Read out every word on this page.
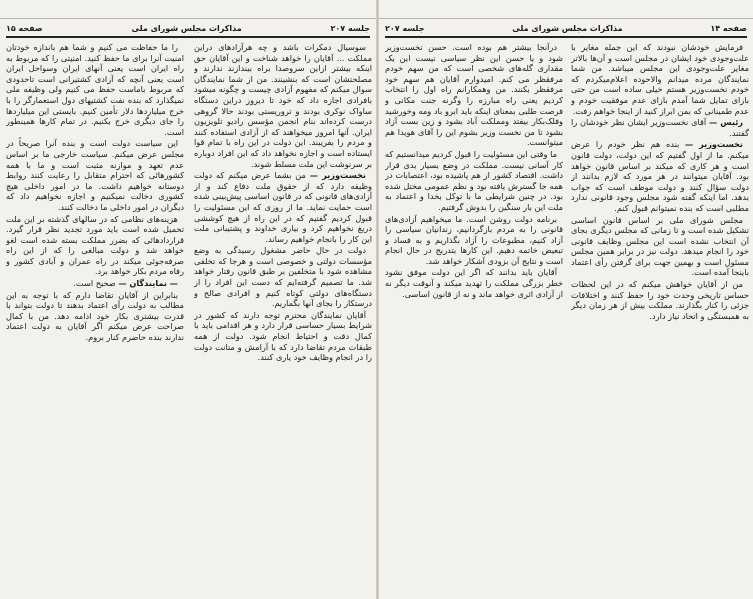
جلسه ۲۰۷
مذاکرات مجلس شورای ملی
صفحه ۱۵

سوسیال دمکرات باشد و چه هرآزادهای دراین مملکت ... آقایان را خواهد شناخت و این آقایان حق اینکه بیشتر ازاین سروصدا براه بیندازند ندارند و مصلحتشان است که بنشینند. من از شما نمایندگان سوال میکنم که مفهوم آزادی چیست و چگونه میشود بافرادی اجازه داد که خود تا دیروز دراین دستگاه ساواک نوکری بودند و تروریستی بودند حالا گروهی درست کرده‌اند بنام انجمن مؤسس رادیو تلویزیون ایران. آنها امروز میخواهند که از آزادی استفاده کنند و مردم را بفریبند. این دولت در این راه با تمام قوا ایستاده است و اجازه نخواهد داد که این افراد دوباره بر سرنوشت این ملت مسلط شوند.

نخست‌وزیر — من بشما عرض میکنم که دولت وظیفه دارد که از حقوق ملت دفاع کند و از آزادی‌های قانونی که در قانون اساسی پیش‌بینی شده است حمایت نماید. ما از روزی که این مسئولیت را قبول کردیم گفتیم که در این راه از هیچ کوششی دریغ نخواهیم کرد و بیاری خداوند و پشتیبانی ملت این کار را بانجام خواهیم رساند.

دولت در حال حاضر مشغول رسیدگی به وضع مؤسسات دولتی و خصوصی است و هرجا که تخلفی مشاهده شود با متخلفین بر طبق قانون رفتار خواهد شد. ما تصمیم گرفته‌ایم که دست این افراد را از دستگاه‌های دولتی کوتاه کنیم و افرادی صالح و درستکار را بجای آنها بگماریم.

آقایان نمایندگان محترم توجه دارند که کشور در شرایط بسیار حساسی قرار دارد و هر اقدامی باید با کمال دقت و احتیاط انجام شود. دولت از همه طبقات مردم تقاضا دارد که با آرامش و متانت دولت را در انجام وظایف خود یاری کنند.

را ما حفاظت می کنیم و شما هم باندازه خودتان امنیت آنرا برای ما حفظ کنید. امنیتی را که مربوط به راه ایران است یعنی آنهای ایران وسواحل ایران است یعنی آنچه که آزادی کشتیرانی است تاحدودی که مربوط باماست حفظ می کنیم ولی وظیفه ملی نمیگذارد که بنده نفت کشتیهای دول استعمارگر را با خرج میلیاردها دلار تأمین کنیم. بایستی این میلیاردها را جای دیگری خرج بکنیم. در تمام کارها همینطور است.

این سیاست دولت است و بنده آنرا صریحاً در مجلس عرض میکنم. سیاست خارجی ما بر اساس عدم تعهد و موازنه مثبت است و ما با همه کشورهائی که احترام متقابل را رعایت کنند روابط دوستانه خواهیم داشت. ما در امور داخلی هیچ کشوری دخالت نمیکنیم و اجازه نخواهیم داد که دیگران در امور داخلی ما دخالت کنند.

هزینه‌های نظامی که در سالهای گذشته بر این ملت تحمیل شده است باید مورد تجدید نظر قرار گیرد. قراردادهائی که بضرر مملکت بسته شده است لغو خواهد شد و دولت مبالغی را که از این راه صرفه‌جوئی میکند در راه عمران و آبادی کشور و رفاه مردم بکار خواهد برد.

— نمایندگان — صحیح است.

بنابراین از آقایان تقاضا دارم که با توجه به این مطالب به دولت رأی اعتماد بدهند تا دولت بتواند با قدرت بیشتری بکار خود ادامه دهد. من با کمال صراحت عرض میکنم اگر آقایان به دولت اعتماد ندارند بنده حاضرم کنار بروم.

صفحه ۱۴
مذاکرات مجلس شورای ملی
جلسه ۲۰۷

فرمایش خودشان نبودند که این جمله مغایر با علت‌وجودی خود ایشان در مجلس است و آن‌ها بالاتر مغایر علت‌وجودی این مجلس میباشد. من شما نمایندگان مرده میدانم والاحوده اعلام‌میکردم که خودم نخست‌وزیر هستم خیلی ساده است من حتی بازای تمایل شما آمدم بازای عدم موفقیت خودم و عدم طمینانی که بمن ابراز کنید از اینجا خواهم رفت.

رئیس — آقای نخست‌وزیر ایشان نظر خودشان را گفتند.

نخست‌وزیر — بنده هم نظر خودم را عرض میکنم. ما از اول گفتیم که این دولت، دولت قانون است و هر کاری که میکند بر اساس قانون خواهد بود. آقایان میتوانند در هر مورد که لازم بدانند از دولت سؤال کنند و دولت موظف است که جواب بدهد. اما اینکه گفته شود مجلس وجود قانونی ندارد مطلبی است که بنده نمیتوانم قبول کنم.

مجلس شورای ملی بر اساس قانون اساسی تشکیل شده است و تا زمانی که مجلس دیگری بجای آن انتخاب نشده است این مجلس وظایف قانونی خود را انجام میدهد. دولت نیز در برابر همین مجلس مسئول است و بهمین جهت برای گرفتن رأی اعتماد باینجا آمده است.

من از آقایان خواهش میکنم که در این لحظات حساس تاریخی وحدت خود را حفظ کنند و اختلافات جزئی را کنار بگذارند. مملکت بیش از هر زمان دیگر به همبستگی و اتحاد نیاز دارد.

درآنجا بیشتر هم بوده است. حسن نخست‌وزیر شود و یا حسن این نظر سیاسی نیست این یک مقداری گله‌های شخصی است که من سهم خودم مرفقظر می کنم. امیدوارم آقایان هم سهم خود مرفقظر بکنند. من وهمکارانم راه اول را انتخاب کردیم یعنی راه مبارزه را وگرنه جنت مکانی و فرصت طلبی بمعنای اینکه باید ابرو باد ومه وخورشید وفلک‌بکار بیفتد ومملکت آباد بشود و زین بست آزاد بشود تا من نخست وزیر بشوم این را آقای هویدا هم میتوانست.

ما وقتی این مسئولیت را قبول کردیم میدانستیم که کار آسانی نیست. مملکت در وضع بسیار بدی قرار داشت. اقتصاد کشور از هم پاشیده بود، اعتصابات در همه جا گسترش یافته بود و نظم عمومی مختل شده بود. در چنین شرایطی ما با توکل بخدا و اعتماد به ملت این بار سنگین را بدوش گرفتیم.

برنامه دولت روشن است. ما میخواهیم آزادی‌های قانونی را به مردم بازگردانیم، زندانیان سیاسی را آزاد کنیم، مطبوعات را آزاد بگذاریم و به فساد و تبعیض خاتمه دهیم. این کارها بتدریج در حال انجام است و نتایج آن بزودی آشکار خواهد شد.

آقایان باید بدانند که اگر این دولت موفق نشود خطر بزرگی مملکت را تهدید میکند و آنوقت دیگر نه از آزادی اثری خواهد ماند و نه از قانون اساسی.
